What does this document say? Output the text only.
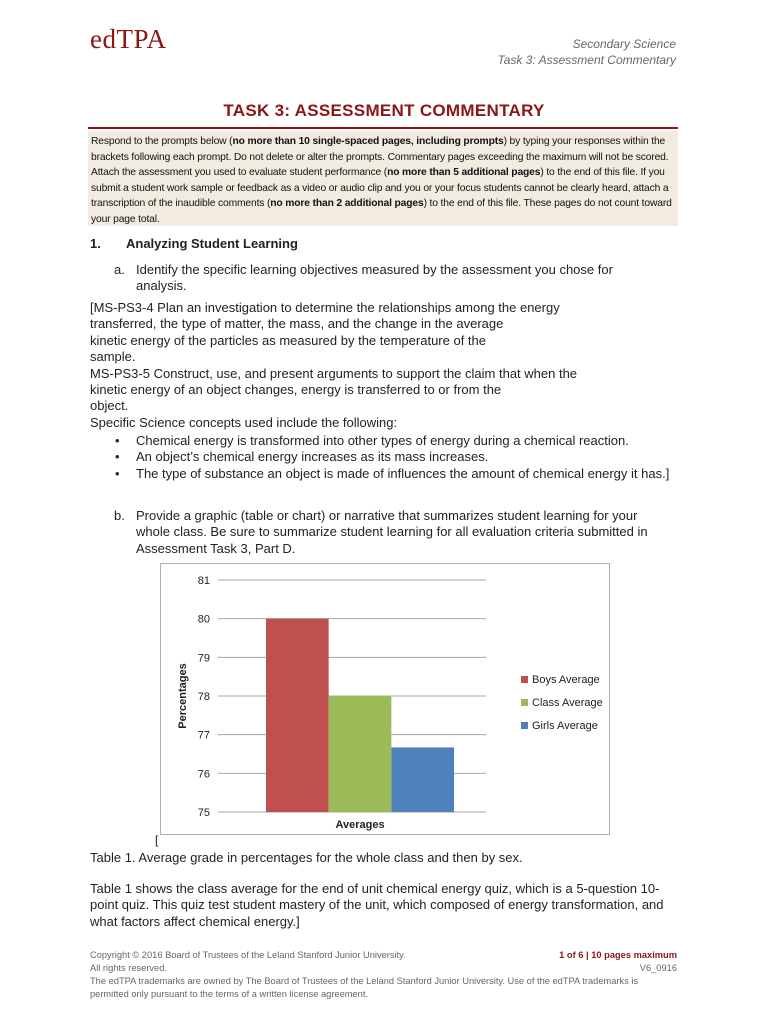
edTPA	Secondary Science
Task 3: Assessment Commentary
TASK 3: ASSESSMENT COMMENTARY
Respond to the prompts below (no more than 10 single-spaced pages, including prompts) by typing your responses within the brackets following each prompt. Do not delete or alter the prompts. Commentary pages exceeding the maximum will not be scored. Attach the assessment you used to evaluate student performance (no more than 5 additional pages) to the end of this file. If you submit a student work sample or feedback as a video or audio clip and you or your focus students cannot be clearly heard, attach a transcription of the inaudible comments (no more than 2 additional pages) to the end of this file. These pages do not count toward your page total.
1. Analyzing Student Learning
a. Identify the specific learning objectives measured by the assessment you chose for analysis.
[MS-PS3-4 Plan an investigation to determine the relationships among the energy
transferred, the type of matter, the mass, and the change in the average
kinetic energy of the particles as measured by the temperature of the
sample.
MS-PS3-5 Construct, use, and present arguments to support the claim that when the
kinetic energy of an object changes, energy is transferred to or from the
object.
Specific Science concepts used include the following:
• Chemical energy is transformed into other types of energy during a chemical reaction.
• An object’s chemical energy increases as its mass increases.
• The type of substance an object is made of influences the amount of chemical energy it has.]
b. Provide a graphic (table or chart) or narrative that summarizes student learning for your whole class. Be sure to summarize student learning for all evaluation criteria submitted in Assessment Task 3, Part D.
75
76
77
78
79
80
81
Averages
Percentages	Boys Average
Class Average
Girls Average
[
Table 1. Average grade in percentages for the whole class and then by sex.
Table 1 shows the class average for the end of unit chemical energy quiz, which is a 5-question 10-point quiz. This quiz test student mastery of the unit, which composed of energy transformation, and what factors affect chemical energy.]
Copyright © 2016 Board of Trustees of the Leland Stanford Junior University.
All rights reserved.
The edTPA trademarks are owned by The Board of Trustees of the Leland Stanford Junior University. Use of the edTPA trademarks is
permitted only pursuant to the terms of a written license agreement.
1 of 6 | 10 pages maximum
V6_0916
